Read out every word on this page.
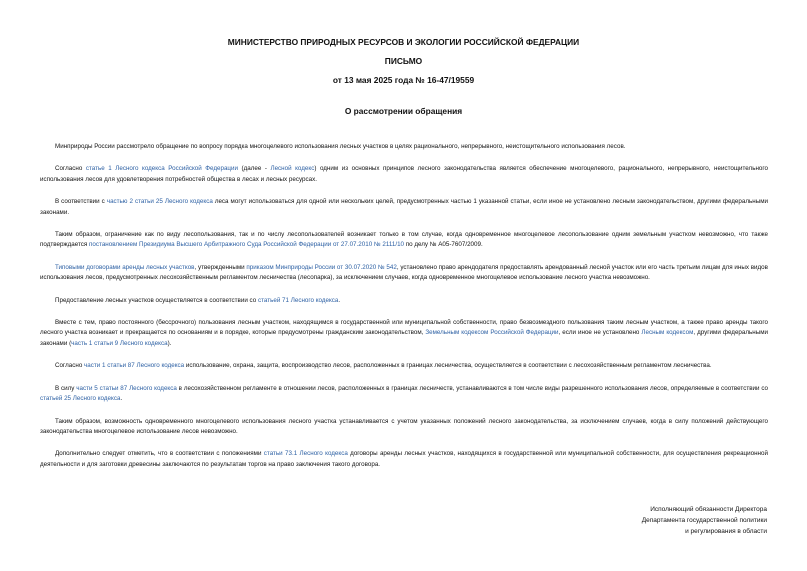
МИНИСТЕРСТВО ПРИРОДНЫХ РЕСУРСОВ И ЭКОЛОГИИ РОССИЙСКОЙ ФЕДЕРАЦИИ
ПИСЬМО
от 13 мая 2025 года № 16-47/19559
О рассмотрении обращения

Минприроды России рассмотрело обращение по вопросу порядка многоцелевого использования лесных участков в целях рационального, непрерывного, неистощительного использования лесов.

Согласно статье 1 Лесного кодекса Российской Федерации (далее - Лесной кодекс) одним из основных принципов лесного законодательства является обеспечение многоцелевого, рационального, непрерывного, неистощительного использования лесов для удовлетворения потребностей общества в лесах и лесных ресурсах.

В соответствии с частью 2 статьи 25 Лесного кодекса леса могут использоваться для одной или нескольких целей, предусмотренных частью 1 указанной статьи, если иное не установлено лесным законодательством, другими федеральными законами.

Таким образом, ограничение как по виду лесопользования, так и по числу лесопользователей возникает только в том случае, когда одновременное многоцелевое лесопользование одним земельным участком невозможно, что также подтверждается постановлением Президиума Высшего Арбитражного Суда Российской Федерации от 27.07.2010 № 2111/10 по делу № А05-7607/2009.

Типовыми договорами аренды лесных участков, утвержденными приказом Минприроды России от 30.07.2020 № 542, установлено право арендодателя предоставлять арендованный лесной участок или его часть третьим лицам для иных видов использования лесов, предусмотренных лесохозяйственным регламентом лесничества (лесопарка), за исключением случаев, когда одновременное многоцелевое использование лесного участка невозможно.

Предоставление лесных участков осуществляется в соответствии со статьей 71 Лесного кодекса.

Вместе с тем, право постоянного (бессрочного) пользования лесным участком, находящимся в государственной или муниципальной собственности, право безвозмездного пользования таким лесным участком, а также право аренды такого лесного участка возникает и прекращается по основаниям и в порядке, которые предусмотрены гражданским законодательством, Земельным кодексом Российской Федерации, если иное не установлено Лесным кодексом, другими федеральными законами (часть 1 статьи 9 Лесного кодекса).

Согласно части 1 статьи 87 Лесного кодекса использование, охрана, защита, воспроизводство лесов, расположенных в границах лесничества, осуществляется в соответствии с лесохозяйственным регламентом лесничества.

В силу части 5 статьи 87 Лесного кодекса в лесохозяйственном регламенте в отношении лесов, расположенных в границах лесничеств, устанавливаются в том числе виды разрешенного использования лесов, определяемые в соответствии со статьей 25 Лесного кодекса.

Таким образом, возможность одновременного многоцелевого использования лесного участка устанавливается с учетом указанных положений лесного законодательства, за исключением случаев, когда в силу положений действующего законодательства многоцелевое использование лесов невозможно.

Дополнительно следует отметить, что в соответствии с положениями статьи 73.1 Лесного кодекса договоры аренды лесных участков, находящихся в государственной или муниципальной собственности, для осуществления рекреационной деятельности и для заготовки древесины заключаются по результатам торгов на право заключения такого договора.

Исполняющий обязанности Директора
Департамента государственной политики
и регулирования в области
